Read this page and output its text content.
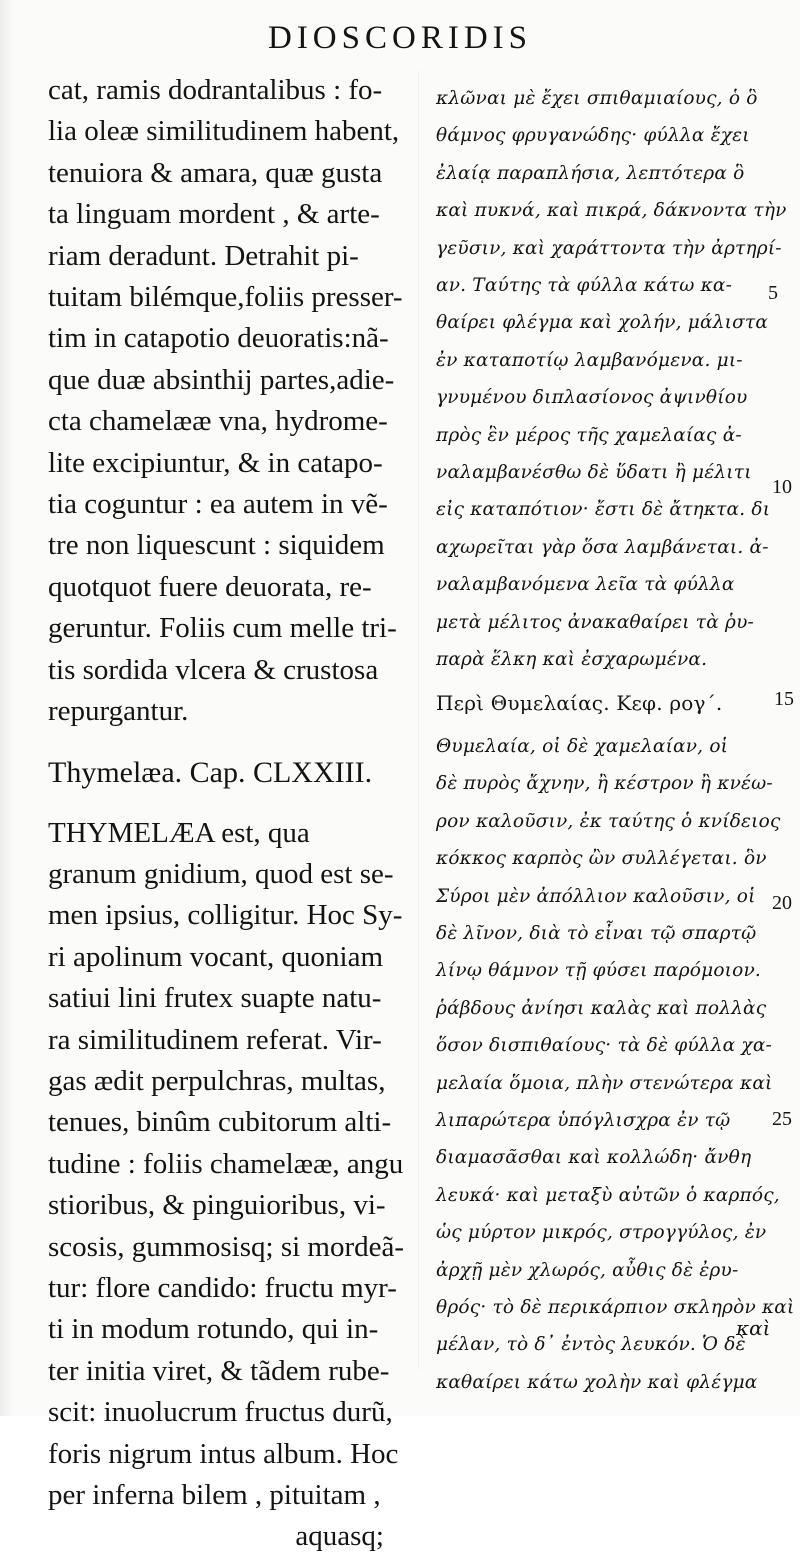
DIOSCORIDIS
cat, ramis dodrantalibus : fo-
lia oleæ similitudinem habent,
tenuiora & amara, quæ gusta
ta linguam mordent , & arte-
riam deradunt. Detrahit pi-
tuitam bilémque,foliis presser-
tim in catapotio deuoratis:nã-
que duæ absinthij partes,adie-
cta chamelææ vna, hydrome-
lite excipiuntur, & in catapo-
tia coguntur : ea autem in vẽ-
tre non liquescunt : siquidem
quotquot fuere deuorata, re-
geruntur. Foliis cum melle tri-
tis sordida vlcera & crustosa
repurgantur.
Thymelæa. Cap. CLXXIII.
THYMELÆA est, qua
granum gnidium, quod est se-
men ipsius, colligitur. Hoc Sy-
ri apolinum vocant, quoniam
satiui lini frutex suapte natu-
ra similitudinem referat. Vir-
gas ædit perpulchras, multas,
tenues, binûm cubitorum alti-
tudine : foliis chamelææ, angu
stioribus, & pinguioribus, vi-
scosis, gummosisq; si mordeã-
tur: flore candido: fructu myr-
ti in modum rotundo, qui in-
ter initia viret, & tãdem rube-
scit: inuolucrum fructus durũ,
foris nigrum intus album. Hoc
per inferna bilem , pituitam ,
aquasq;
κλῶναι μὲ ἔχει σπιθαμιαίους, ὁ ὃ
θάμνος φρυγανώδης· φύλλα ἔχει
ἐλαίᾳ παραπλήσια, λεπτότερα ὃ
καὶ πυκνά, καὶ πικρά, δάκνοντα τὴν
γεῦσιν, καὶ χαράττοντα τὴν ἀρτηρί-
αν. Ταύτης τὰ φύλλα κάτω κα-
θαίρει φλέγμα καὶ χολήν, μάλιστα
ἐν καταποτίῳ λαμβανόμενα. μι-
γνυμένου διπλασίονος ἀψινθίου
πρὸς ἓν μέρος τῆς χαμελαίας ἀ-
ναλαμβανέσθω δὲ ὕδατι ἢ μέλιτι
εἰς καταπότιον· ἔστι δὲ ἄτηκτα. δι
αχωρεῖται γὰρ ὅσα λαμβάνεται. ἀ-
ναλαμβανόμενα λεῖα τὰ φύλλα
μετὰ μέλιτος ἀνακαθαίρει τὰ ῥυ-
παρὰ ἕλκη καὶ ἐσχαρωμένα.
Περὶ Θυμελαίας. Κεφ. ρογ΄.
Θυμελαία, οἱ δὲ χαμελαίαν, οἱ
δὲ πυρὸς ἄχνην, ἢ κέστρον ἢ κνέω-
ρον καλοῦσιν, ἐκ ταύτης ὁ κνίδειος
κόκκος καρπὸς ὢν συλλέγεται. ὃν
Σύροι μὲν ἀπόλλιον καλοῦσιν, οἱ
δὲ λῖνον, διὰ τὸ εἶναι τῷ σπαρτῷ
λίνῳ θάμνον τῇ φύσει παρόμοιον.
ῥάβδους ἀνίησι καλὰς καὶ πολλὰς
ὅσον δισπιθαίους· τὰ δὲ φύλλα χα-
μελαία ὅμοια, πλὴν στενώτερα καὶ
λιπαρώτερα ὑπόγλισχρα ἐν τῷ
διαμασᾶσθαι καὶ κολλώδη· ἄνθη
λευκά· καὶ μεταξὺ αὐτῶν ὁ καρπός,
ὡς μύρτον μικρός, στρογγύλος, ἐν
ἀρχῇ μὲν χλωρός, αὖθις δὲ ἐρυ-
θρός· τὸ δὲ περικάρπιον σκληρὸν καὶ
μέλαν, τὸ δ᾽ ἐντὸς λευκόν. Ὁ δὲ
καθαίρει κάτω χολὴν καὶ φλέγμα
5
10
15
20
25
καὶ
